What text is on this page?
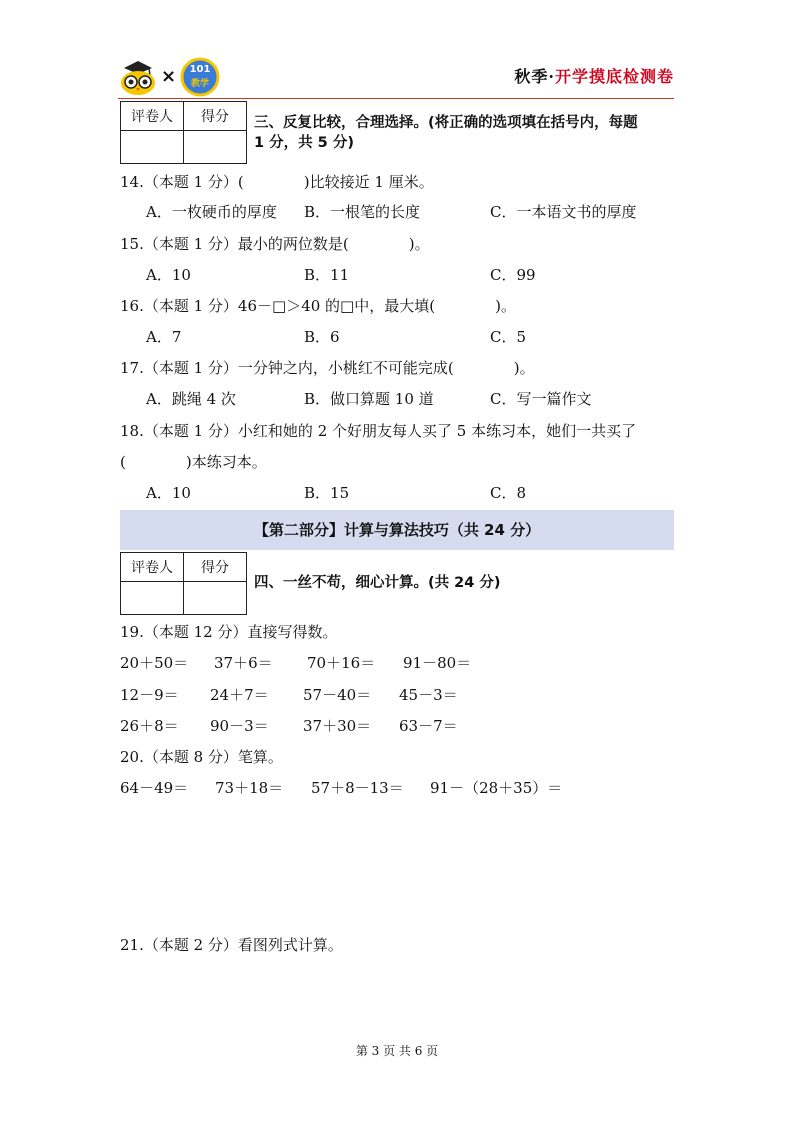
×	101
教学	秋季·开学摸底检测卷
评卷人	得分
	三、反复比较，合理选择。(将正确的选项填在括号内，每题
1 分，共 5 分)
14.（本题 1 分）(　　　　)比较接近 1 厘米。
A．一枚硬币的厚度 B．一根笔的长度	C．一本语文书的厚度
15.（本题 1 分）最小的两位数是(　　　　)。
A．10	B．11	C．99
16.（本题 1 分）46－□＞40 的□中，最大填(　　　　)。
A．7	B．6	C．5
17.（本题 1 分）一分钟之内，小桃红不可能完成(　　　　)。
A．跳绳 4 次	B．做口算题 10 道	C．写一篇作文
18.（本题 1 分）小红和她的 2 个好朋友每人买了 5 本练习本，她们一共买了
(　　　　)本练习本。
A．10	B．15	C．8
【第二部分】计算与算法技巧（共 24 分）
评卷人	得分

四、一丝不苟，细心计算。(共 24 分)
19.（本题 12 分）直接写得数。
20＋50＝ 37＋6＝ 70＋16＝ 91－80＝
12－9＝ 24＋7＝ 57－40＝ 45－3＝
26＋8＝ 90－3＝ 37＋30＝ 63－7＝
20.（本题 8 分）笔算。
64－49＝ 73＋18＝ 57＋8－13＝ 91－（28＋35）＝
21.（本题 2 分）看图列式计算。
第 3 页 共 6 页
